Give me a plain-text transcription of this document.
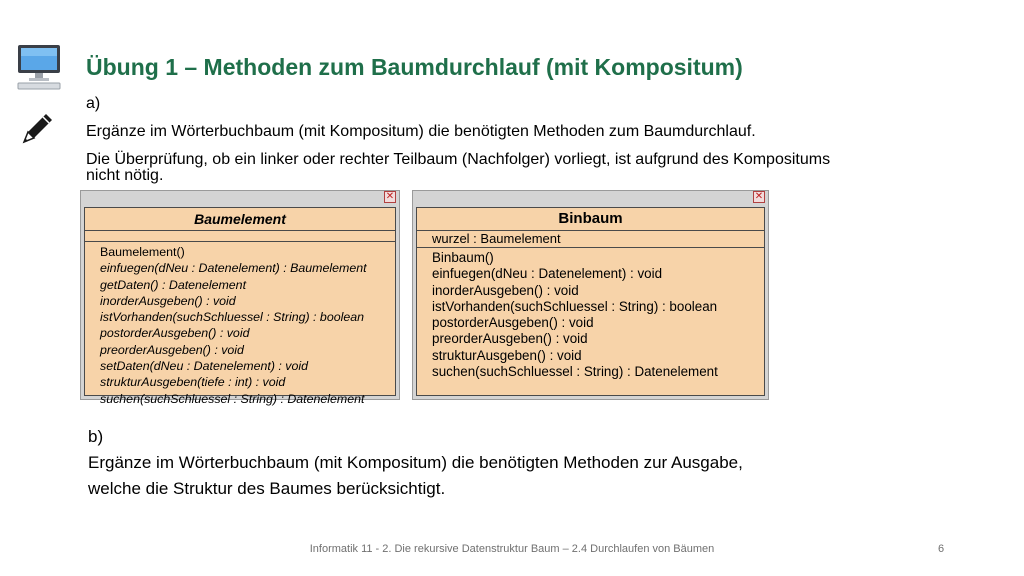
Übung 1 – Methoden zum Baumdurchlauf (mit Kompositum)
a)
Ergänze im Wörterbuchbaum (mit Kompositum) die benötigten Methoden zum Baumdurchlauf.
Die Überprüfung, ob ein linker oder rechter Teilbaum (Nachfolger) vorliegt, ist aufgrund des Kompositums
nicht nötig.
✕
Baumelement
Baumelement()
einfuegen(dNeu : Datenelement) : Baumelement
getDaten() : Datenelement
inorderAusgeben() : void
istVorhanden(suchSchluessel : String) : boolean
postorderAusgeben() : void
preorderAusgeben() : void
setDaten(dNeu : Datenelement) : void
strukturAusgeben(tiefe : int) : void
suchen(suchSchluessel : String) : Datenelement
✕
Binbaum
wurzel : Baumelement
Binbaum()
einfuegen(dNeu : Datenelement) : void
inorderAusgeben() : void
istVorhanden(suchSchluessel : String) : boolean
postorderAusgeben() : void
preorderAusgeben() : void
strukturAusgeben() : void
suchen(suchSchluessel : String) : Datenelement
b)
Ergänze im Wörterbuchbaum (mit Kompositum) die benötigten Methoden zur Ausgabe,
welche die Struktur des Baumes berücksichtigt.
Informatik 11 - 2. Die rekursive Datenstruktur Baum – 2.4 Durchlaufen von Bäumen	6
